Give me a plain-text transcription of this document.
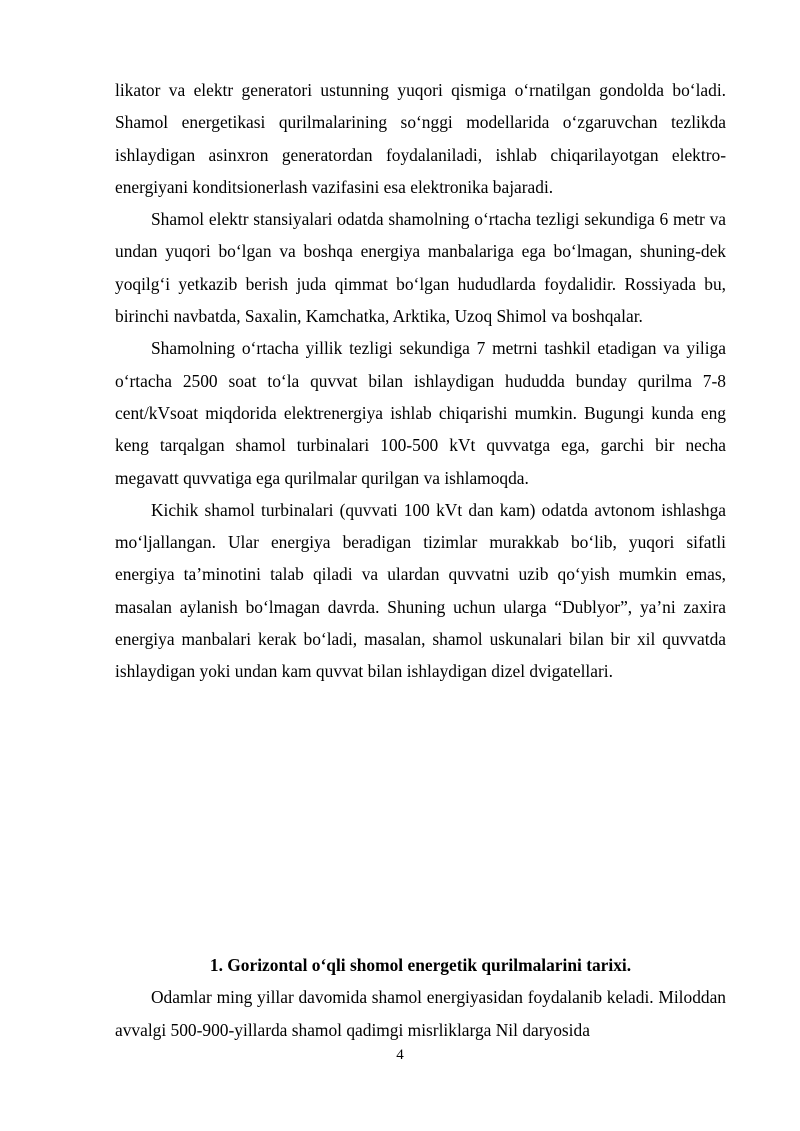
likator va elektr generatori ustunning yuqori qismiga o‘rnatilgan gondolda bo‘ladi. Shamol energetikasi qurilmalarining so‘nggi modellarida o‘zgaruvchan tezlikda ishlaydigan asinxron generatordan foydalaniladi, ishlab chiqarilayotgan elektro-energiyani konditsionerlash vazifasini esa elektronika bajaradi.

Shamol elektr stansiyalari odatda shamolning o‘rtacha tezligi sekundiga 6 metr va undan yuqori bo‘lgan va boshqa energiya manbalariga ega bo‘lmagan, shuning-dek yoqilg‘i yetkazib berish juda qimmat bo‘lgan hududlarda foydalidir. Rossiyada bu, birinchi navbatda, Saxalin, Kamchatka, Arktika, Uzoq Shimol va boshqalar.

Shamolning o‘rtacha yillik tezligi sekundiga 7 metrni tashkil etadigan va yiliga o‘rtacha 2500 soat to‘la quvvat bilan ishlaydigan hududda bunday qurilma 7-8 cent/kVsoat miqdorida elektrenergiya ishlab chiqarishi mumkin. Bugungi kunda eng keng tarqalgan shamol turbinalari 100-500 kVt quvvatga ega, garchi bir necha megavatt quvvatiga ega qurilmalar qurilgan va ishlamoqda.

Kichik shamol turbinalari (quvvati 100 kVt dan kam) odatda avtonom ishlashga mo‘ljallangan. Ular energiya beradigan tizimlar murakkab bo‘lib, yuqori sifatli energiya ta’minotini talab qiladi va ulardan quvvatni uzib qo‘yish mumkin emas, masalan aylanish bo‘lmagan davrda. Shuning uchun ularga “Dublyor”, ya’ni zaxira energiya manbalari kerak bo‘ladi, masalan, shamol uskunalari bilan bir xil quvvatda ishlaydigan yoki undan kam quvvat bilan ishlaydigan dizel dvigatellari.

1. Gorizontal o‘qli shomol energetik qurilmalarini tarixi.

Odamlar ming yillar davomida shamol energiyasidan foydalanib keladi. Miloddan avvalgi 500-900-yillarda shamol qadimgi misrliklarga Nil daryosida

4
